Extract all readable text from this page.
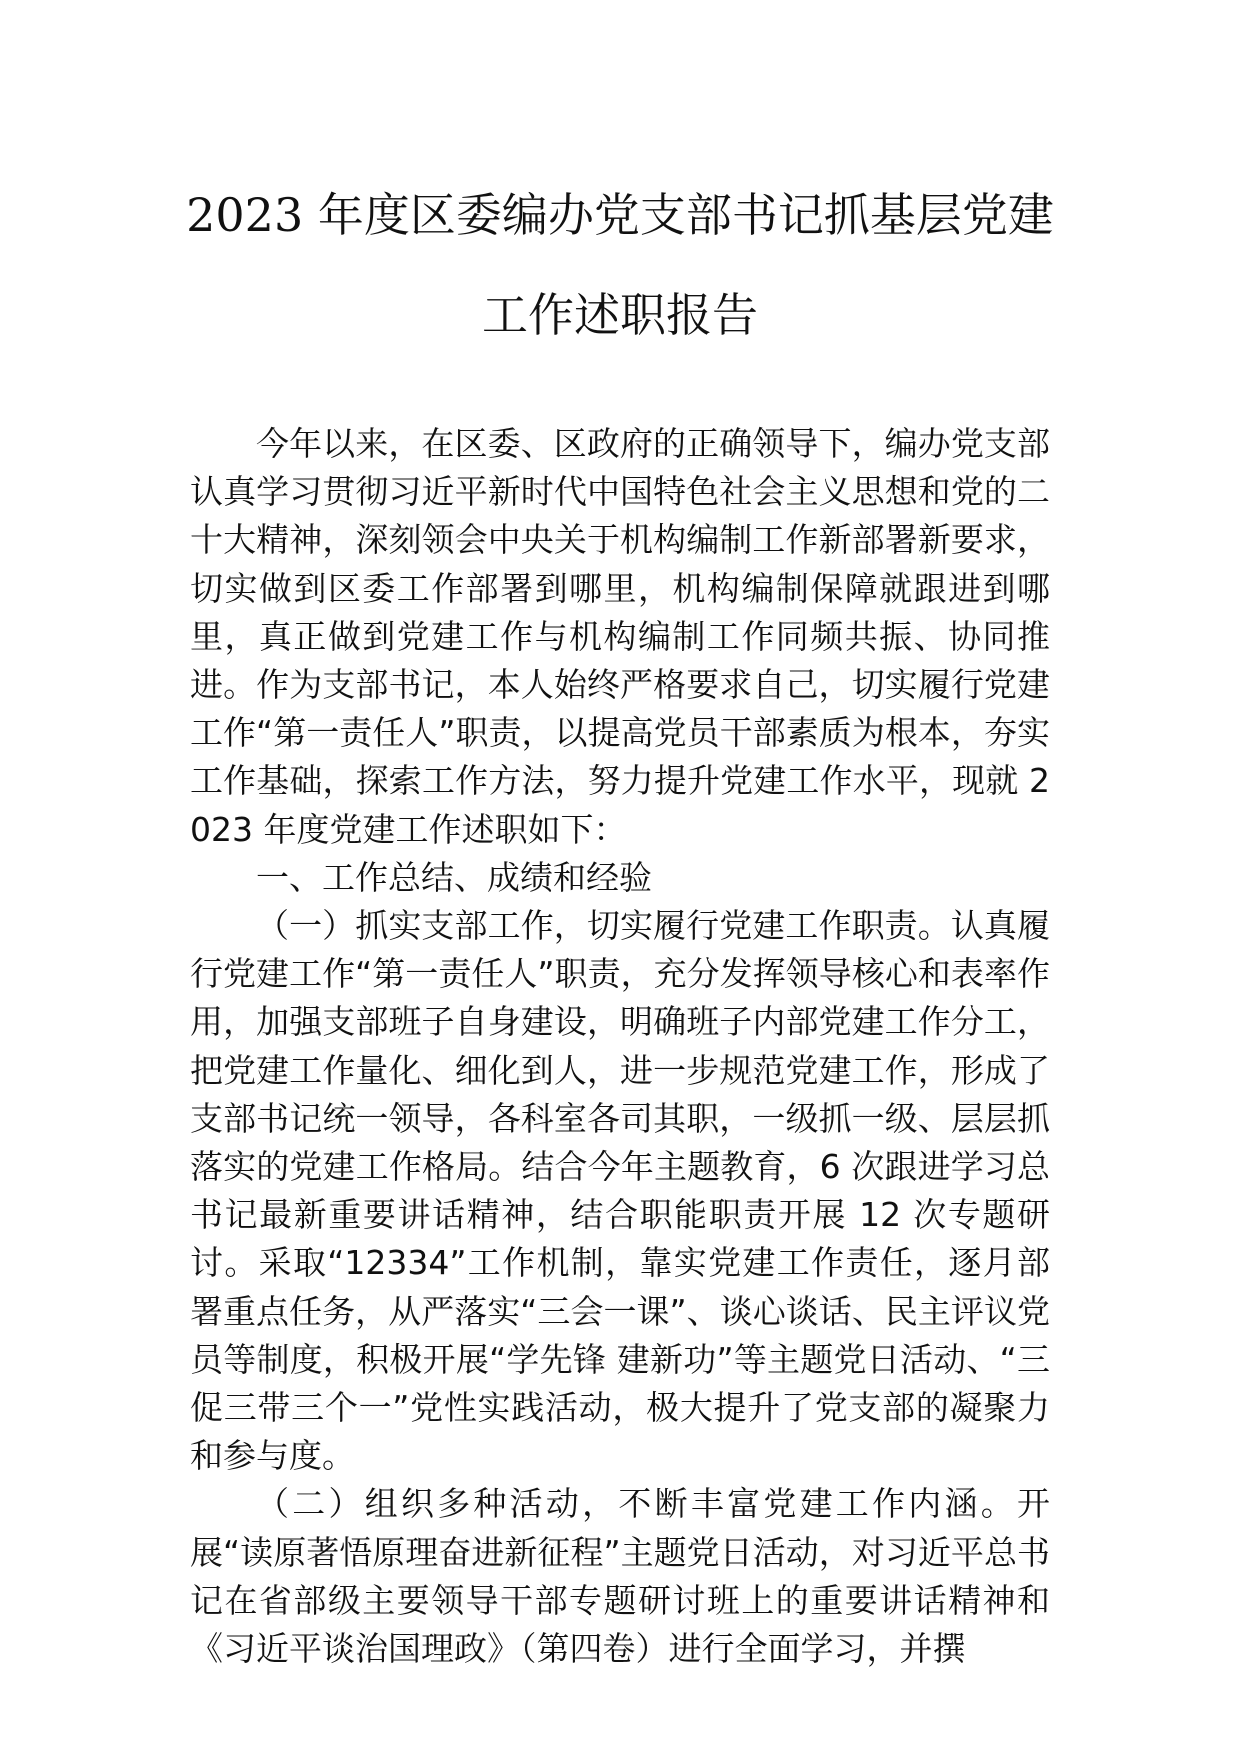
2023 年度区委编办党支部书记抓基层党建
工作述职报告

今年以来，在区委、区政府的正确领导下，编办党支部认真学习贯彻习近平新时代中国特色社会主义思想和党的二十大精神，深刻领会中央关于机构编制工作新部署新要求，切实做到区委工作部署到哪里，机构编制保障就跟进到哪里，真正做到党建工作与机构编制工作同频共振、协同推进。作为支部书记，本人始终严格要求自己，切实履行党建工作“第一责任人”职责，以提高党员干部素质为根本，夯实工作基础，探索工作方法，努力提升党建工作水平，现就 2023 年度党建工作述职如下：

一、工作总结、成绩和经验

（一）抓实支部工作，切实履行党建工作职责。认真履行党建工作“第一责任人”职责，充分发挥领导核心和表率作用，加强支部班子自身建设，明确班子内部党建工作分工，把党建工作量化、细化到人，进一步规范党建工作，形成了支部书记统一领导，各科室各司其职，一级抓一级、层层抓落实的党建工作格局。结合今年主题教育，6 次跟进学习总书记最新重要讲话精神，结合职能职责开展 12 次专题研讨。采取“12334”工作机制，靠实党建工作责任，逐月部署重点任务，从严落实“三会一课”、谈心谈话、民主评议党员等制度，积极开展“学先锋 建新功”等主题党日活动、“三促三带三个一”党性实践活动，极大提升了党支部的凝聚力和参与度。

（二）组织多种活动，不断丰富党建工作内涵。开展“读原著悟原理奋进新征程”主题党日活动，对习近平总书记在省部级主要领导干部专题研讨班上的重要讲话精神和《习近平谈治国理政》（第四卷）进行全面学习，并撰
